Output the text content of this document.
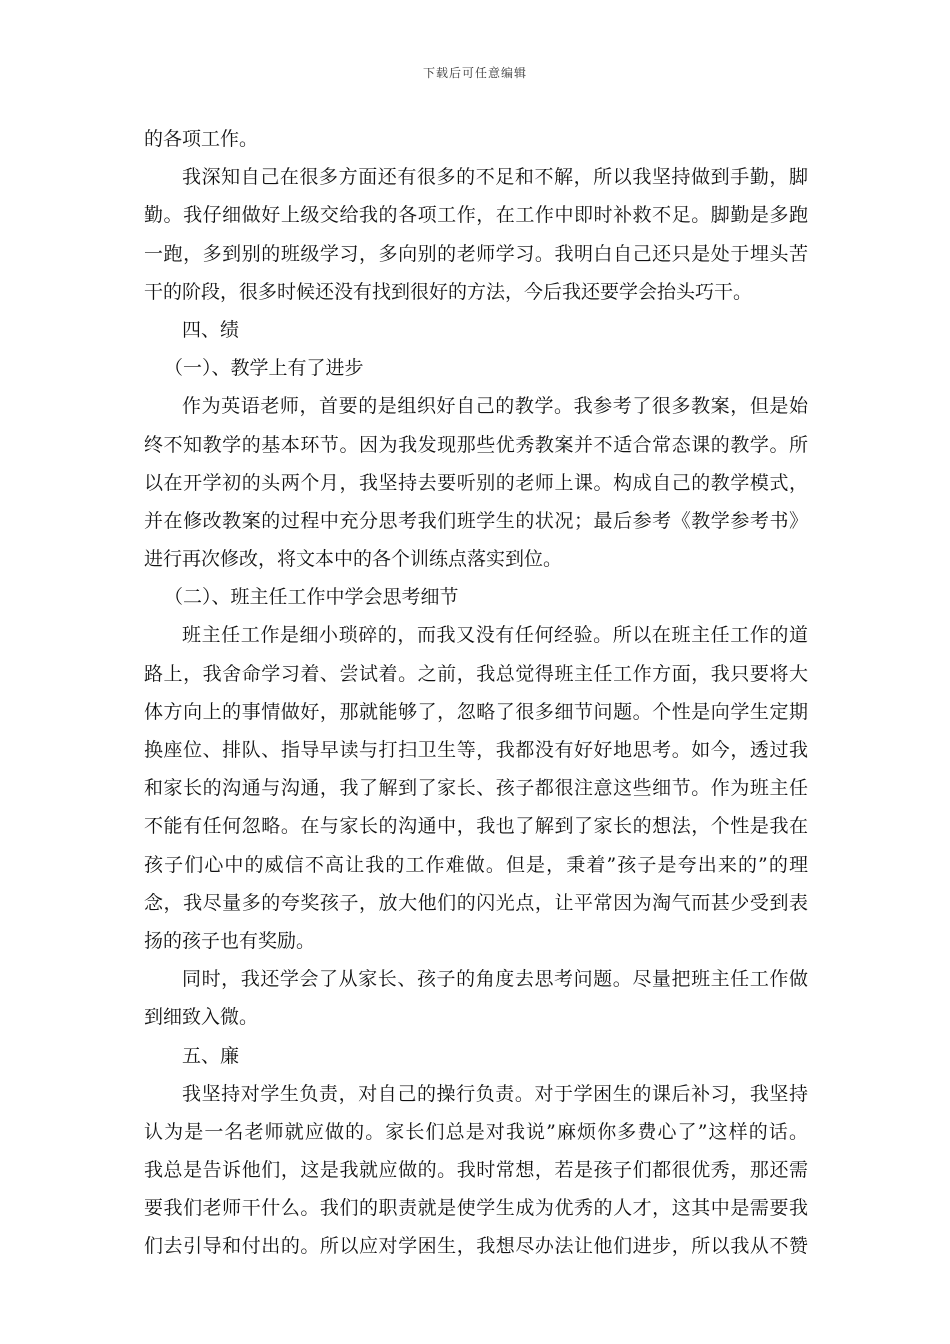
下载后可任意编辑
的各项工作。
我深知自己在很多方面还有很多的不足和不解，所以我坚持做到手勤，脚
勤。我仔细做好上级交给我的各项工作，在工作中即时补救不足。脚勤是多跑
一跑，多到别的班级学习，多向别的老师学习。我明白自己还只是处于埋头苦
干的阶段，很多时候还没有找到很好的方法，今后我还要学会抬头巧干。
四、绩
（一）、教学上有了进步
作为英语老师，首要的是组织好自己的教学。我参考了很多教案，但是始
终不知教学的基本环节。因为我发现那些优秀教案并不适合常态课的教学。所
以在开学初的头两个月，我坚持去要听别的老师上课。构成自己的教学模式，
并在修改教案的过程中充分思考我们班学生的状况；最后参考《教学参考书》
进行再次修改，将文本中的各个训练点落实到位。
（二）、班主任工作中学会思考细节
班主任工作是细小琐碎的，而我又没有任何经验。所以在班主任工作的道
路上，我舍命学习着、尝试着。之前，我总觉得班主任工作方面，我只要将大
体方向上的事情做好，那就能够了，忽略了很多细节问题。个性是向学生定期
换座位、排队、指导早读与打扫卫生等，我都没有好好地思考。如今，透过我
和家长的沟通与沟通，我了解到了家长、孩子都很注意这些细节。作为班主任
不能有任何忽略。在与家长的沟通中，我也了解到了家长的想法，个性是我在
孩子们心中的威信不高让我的工作难做。但是，秉着”孩子是夸出来的”的理
念，我尽量多的夸奖孩子，放大他们的闪光点，让平常因为淘气而甚少受到表
扬的孩子也有奖励。
同时，我还学会了从家长、孩子的角度去思考问题。尽量把班主任工作做
到细致入微。
五、廉
我坚持对学生负责，对自己的操行负责。对于学困生的课后补习，我坚持
认为是一名老师就应做的。家长们总是对我说”麻烦你多费心了”这样的话。
我总是告诉他们，这是我就应做的。我时常想，若是孩子们都很优秀，那还需
要我们老师干什么。我们的职责就是使学生成为优秀的人才，这其中是需要我
们去引导和付出的。所以应对学困生，我想尽办法让他们进步，所以我从不赞
